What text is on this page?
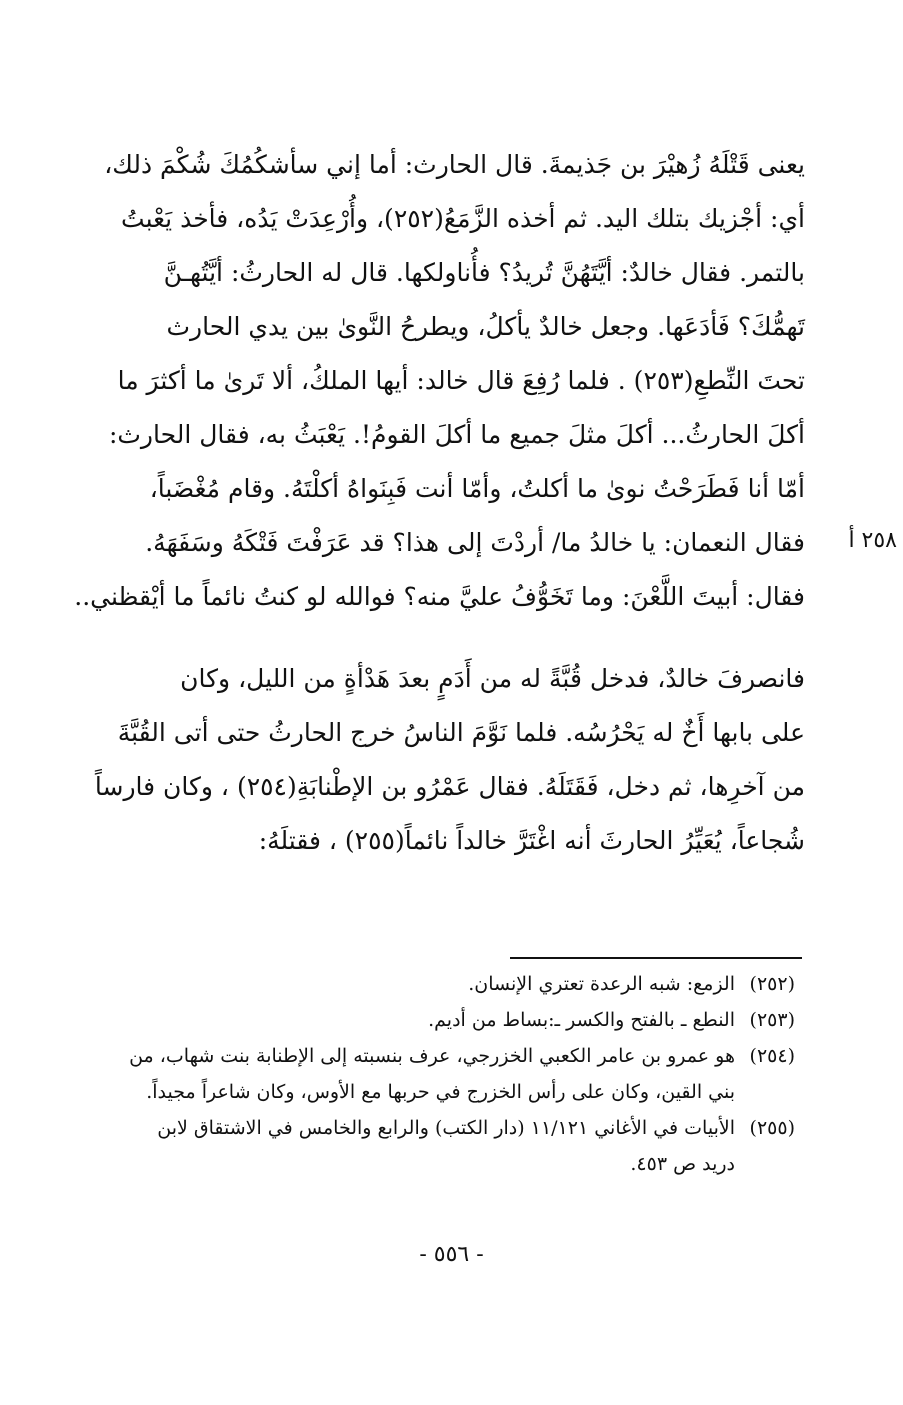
يعنى قَتْلَهُ زُهيْرَ بن جَذيمةَ. قال الحارث: أما إني سأشكُمُكَ شُكْمَ ذلك،
أي: أجْزيك بتلك اليد. ثم أخذه الزَّمَعُ(٢٥٢)، وأُرْعِدَتْ يَدُه، فأخذ يَعْبتُ
بالتمر. فقال خالدٌ: أيَّتَهُنَّ تُريدُ؟ فأُناولكها. قال له الحارثُ: أيَّتُهـنَّ
تَهمُّكَ؟ فَأدَعَها. وجعل خالدٌ يأكلُ، ويطرحُ النَّوىٰ بين يدي الحارث
تحتَ النِّطعِ(٢٥٣) . فلما رُفِعَ قال خالد: أيها الملكُ، ألا تَرىٰ ما أكثرَ ما
أكلَ الحارثُ... أكلَ مثلَ جميع ما أكلَ القومُ!. يَعْبَثُ به، فقال الحارث:
أمّا أنا فَطَرَحْتُ نوىٰ ما أكلتُ، وأمّا أنت فَبِنَواهُ أكلْتَهُ. وقام مُغْضَباً،
فقال النعمان: يا خالدُ ما/ أردْتَ إلى هذا؟ قد عَرَفْتَ فَتْكَهُ وسَفَهَهُ.
فقال: أبيتَ اللَّعْنَ: وما تَخَوُّفُ عليَّ منه؟ فوالله لو كنتُ نائماً ما أيْقظني..
٢٥٨ أ
فانصرفَ خالدٌ، فدخل قُبَّةً له من أَدَمٍ بعدَ هَدْأةٍ من الليل، وكان
على بابها أَخٌ له يَحْرُسُه. فلما نَوَّمَ الناسُ خرج الحارثُ حتى أتى القُبَّةَ
من آخرِها، ثم دخل، فَقَتَلَهُ. فقال عَمْرُو بن الإطْنابَةِ(٢٥٤) ، وكان فارساً
شُجاعاً، يُعَيِّرُ الحارثَ أنه اغْتَرَّ خالداً نائماً(٢٥٥) ، فقتلَهُ:
(٢٥٢)
الزمع: شبه الرعدة تعتري الإنسان.
(٢٥٣)
النطع ـ بالفتح والكسر ـ:بساط من أديم.
(٢٥٤)
هو عمرو بن عامر الكعبي الخزرجي، عرف بنسبته إلى الإطنابة بنت شهاب، من
بني القين، وكان على رأس الخزرج في حربها مع الأوس، وكان شاعراً مجيداً.
(٢٥٥)
الأبيات في الأغاني ١١/١٢١ (دار الكتب) والرابع والخامس في الاشتقاق لابن
دريد ص ٤٥٣.
- ٥٥٦ -
